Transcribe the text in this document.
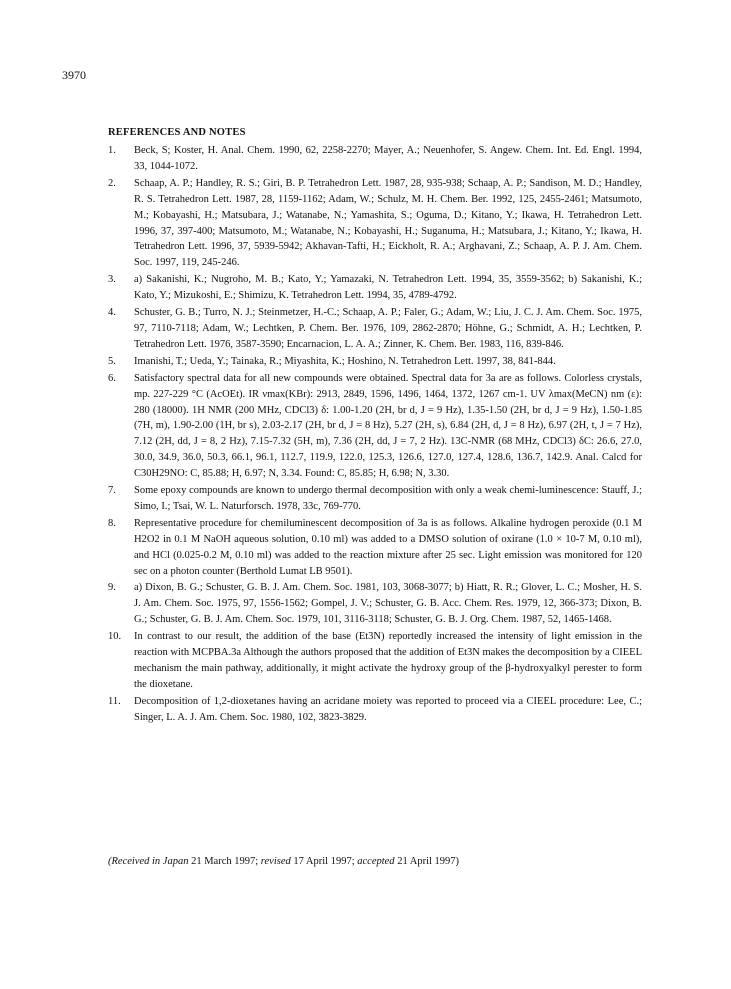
3970
REFERENCES AND NOTES
1.	Beck, S; Koster, H. Anal. Chem. 1990, 62, 2258-2270; Mayer, A.; Neuenhofer, S. Angew. Chem. Int. Ed. Engl. 1994, 33, 1044-1072.
2.	Schaap, A. P.; Handley, R. S.; Giri, B. P. Tetrahedron Lett. 1987, 28, 935-938; Schaap, A. P.; Sandison, M. D.; Handley, R. S. Tetrahedron Lett. 1987, 28, 1159-1162; Adam, W.; Schulz, M. H. Chem. Ber. 1992, 125, 2455-2461; Matsumoto, M.; Kobayashi, H.; Matsubara, J.; Watanabe, N.; Yamashita, S.; Oguma, D.; Kitano, Y.; Ikawa, H. Tetrahedron Lett. 1996, 37, 397-400; Matsumoto, M.; Watanabe, N.; Kobayashi, H.; Suganuma, H.; Matsubara, J.; Kitano, Y.; Ikawa, H. Tetrahedron Lett. 1996, 37, 5939-5942; Akhavan-Tafti, H.; Eickholt, R. A.; Arghavani, Z.; Schaap, A. P. J. Am. Chem. Soc. 1997, 119, 245-246.
3.	a) Sakanishi, K.; Nugroho, M. B.; Kato, Y.; Yamazaki, N. Tetrahedron Lett. 1994, 35, 3559-3562; b) Sakanishi, K.; Kato, Y.; Mizukoshi, E.; Shimizu, K. Tetrahedron Lett. 1994, 35, 4789-4792.
4.	Schuster, G. B.; Turro, N. J.; Steinmetzer, H.-C.; Schaap, A. P.; Faler, G.; Adam, W.; Liu, J. C. J. Am. Chem. Soc. 1975, 97, 7110-7118; Adam, W.; Lechtken, P. Chem. Ber. 1976, 109, 2862-2870; Höhne, G.; Schmidt, A. H.; Lechtken, P. Tetrahedron Lett. 1976, 3587-3590; Encarnacion, L. A. A.; Zinner, K. Chem. Ber. 1983, 116, 839-846.
5.	Imanishi, T.; Ueda, Y.; Tainaka, R.; Miyashita, K.; Hoshino, N. Tetrahedron Lett. 1997, 38, 841-844.
6.	Satisfactory spectral data for all new compounds were obtained. Spectral data for 3a are as follows. Colorless crystals, mp. 227-229 °C (AcOEt). IR νmax(KBr): 2913, 2849, 1596, 1496, 1464, 1372, 1267 cm-1. UV λmax(MeCN) nm (ε): 280 (18000). 1H NMR (200 MHz, CDCl3) δ: 1.00-1.20 (2H, br d, J = 9 Hz), 1.35-1.50 (2H, br d, J = 9 Hz), 1.50-1.85 (7H, m), 1.90-2.00 (1H, br s), 2.03-2.17 (2H, br d, J = 8 Hz), 5.27 (2H, s), 6.84 (2H, d, J = 8 Hz), 6.97 (2H, t, J = 7 Hz), 7.12 (2H, dd, J = 8, 2 Hz), 7.15-7.32 (5H, m), 7.36 (2H, dd, J = 7, 2 Hz). 13C-NMR (68 MHz, CDCl3) δC: 26.6, 27.0, 30.0, 34.9, 36.0, 50.3, 66.1, 96.1, 112.7, 119.9, 122.0, 125.3, 126.6, 127.0, 127.4, 128.6, 136.7, 142.9. Anal. Calcd for C30H29NO: C, 85.88; H, 6.97; N, 3.34. Found: C, 85.85; H, 6.98; N, 3.30.
7.	Some epoxy compounds are known to undergo thermal decomposition with only a weak chemi-luminescence: Stauff, J.; Simo, I.; Tsai, W. L. Naturforsch. 1978, 33c, 769-770.
8.	Representative procedure for chemiluminescent decomposition of 3a is as follows. Alkaline hydrogen peroxide (0.1 M H2O2 in 0.1 M NaOH aqueous solution, 0.10 ml) was added to a DMSO solution of oxirane (1.0 × 10-7 M, 0.10 ml), and HCl (0.025-0.2 M, 0.10 ml) was added to the reaction mixture after 25 sec. Light emission was monitored for 120 sec on a photon counter (Berthold Lumat LB 9501).
9.	a) Dixon, B. G.; Schuster, G. B. J. Am. Chem. Soc. 1981, 103, 3068-3077; b) Hiatt, R. R.; Glover, L. C.; Mosher, H. S. J. Am. Chem. Soc. 1975, 97, 1556-1562; Gompel, J. V.; Schuster, G. B. Acc. Chem. Res. 1979, 12, 366-373; Dixon, B. G.; Schuster, G. B. J. Am. Chem. Soc. 1979, 101, 3116-3118; Schuster, G. B. J. Org. Chem. 1987, 52, 1465-1468.
10.	In contrast to our result, the addition of the base (Et3N) reportedly increased the intensity of light emission in the reaction with MCPBA.3a Although the authors proposed that the addition of Et3N makes the decomposition by a CIEEL mechanism the main pathway, additionally, it might activate the hydroxy group of the β-hydroxyalkyl perester to form the dioxetane.
11.	Decomposition of 1,2-dioxetanes having an acridane moiety was reported to proceed via a CIEEL procedure: Lee, C.; Singer, L. A. J. Am. Chem. Soc. 1980, 102, 3823-3829.
(Received in Japan 21 March 1997; revised 17 April 1997; accepted 21 April 1997)
